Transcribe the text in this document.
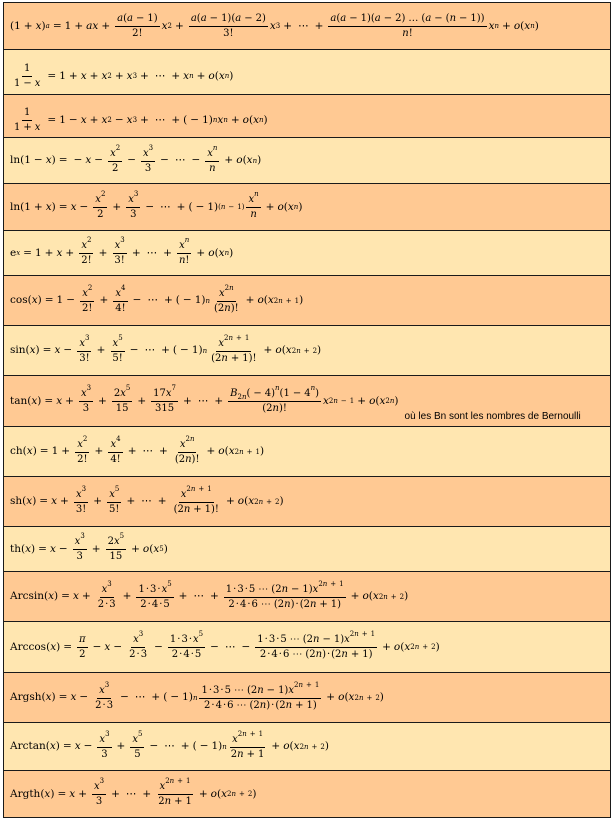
(1 + x ) a = 1 + a $x + \frac{a(a - 1)}{2!}$ x $2 + \frac{a(a - 1)(a - 2)}{3!}$ x 3 + ⋯ + $\frac{a(a - 1)(a - 2) \dots (a - (n - 1))}{n!}$ x n + o ( x n )

$\frac{1}{1 - x} = 1 + x + x$ 2 + x 3 + ⋯ + x n + o ( x n )

$\frac{1}{1 + x} = 1 - x + x$ 2 − x 3 + ⋯ + ( − 1) n x n + o ( x n )

ln (1 − x ) = − $x - \frac{x^2}{2} - \frac{x^3}{3}$ − ⋯ − $\frac{x^n}{n} + o$ ( x n )

ln (1 + x ) = $x - \frac{x^2}{2} + \frac{x^3}{3}$ − ⋯ + ( − 1) (n − 1)
$x^n$
n
+ o ( x n )

e $x = 1 + x + \frac{x^2}{2!} + \frac{x^3}{3!}$ + ⋯ + $\frac{x^n}{n!} + o$ ( x n )

cos ( x ) = $1 - \frac{x^2}{2!} + \frac{x^4}{4!}$ − ⋯ + ( − 1) n
$x^{2n}$
(2n)!
+ o ( x 2n + 1 )

sin ( x ) = $x - \frac{x^3}{3!} + \frac{x^5}{5!}$ − ⋯ + ( − 1) n
$x^{2n + 1}$
(2n + 1)!
+ o ( x 2n + 2 )

tan ( x ) = $x + \frac{x^3}{3} + \frac{2x^5}{15} + \frac{17x^7}{315}$ + ⋯ + $\frac{B_{2n}( - 4)^n(1 - 4^n)}{(2n)!}$ x 2n − 1 + o ( x 2n )
où les Bn sont les nombres de Bernoulli

ch ( x ) = $1 + \frac{x^2}{2!} + \frac{x^4}{4!}$ + ⋯ + $\frac{x^{2n}}{(2n)!} + o$ ( x 2n + 1 )

sh ( x ) = $x + \frac{x^3}{3!} + \frac{x^5}{5!}$ + ⋯ + $\frac{x^{2n + 1}}{(2n + 1)!} + o$ ( x 2n + 2 )

th ( x ) = $x - \frac{x^3}{3} + \frac{2x^5}{15} + o$ ( x 5 )

Arcsin ( x ) = $x + \frac{x^3}{2\cdot 3} + \frac{1\cdot 3\cdot x^5}{2\cdot 4\cdot 5}$ + ⋯ + $\frac{1\cdot 3\cdot 5 \cdots (2n - 1)x^{2n + 1}}{2\cdot 4\cdot 6 \cdots (2n)\cdot(2n + 1)} + o$ ( x 2n + 2 )

Arccos ( x ) = $\frac{\pi}{2} - x - \frac{x^3}{2\cdot 3} - \frac{1\cdot 3\cdot x^5}{2\cdot 4\cdot 5}$ − ⋯ − $\frac{1\cdot 3\cdot 5 \cdots (2n - 1)x^{2n + 1}}{2\cdot 4\cdot 6 \cdots (2n)\cdot(2n + 1)} + o$ ( x 2n + 2 )

Argsh ( x ) = $x - \frac{x^3}{2\cdot 3}$ − ⋯ + ( − 1) n
1·3·5 ⋯ $(2n - 1)x^{2n + 1}$
2·4·6 ⋯ (2n)·(2n + 1)
+ o ( x 2n + 2 )

Arctan ( x ) = $x - \frac{x^3}{3} + \frac{x^5}{5}$ − ⋯ + ( − 1) n
$x^{2n + 1}$
2n + 1
+ o ( x 2n + 2 )

Argth ( x ) = $x + \frac{x^3}{3}$ + ⋯ + $\frac{x^{2n + 1}}{2n + 1} + o$ ( x 2n + 2 )
